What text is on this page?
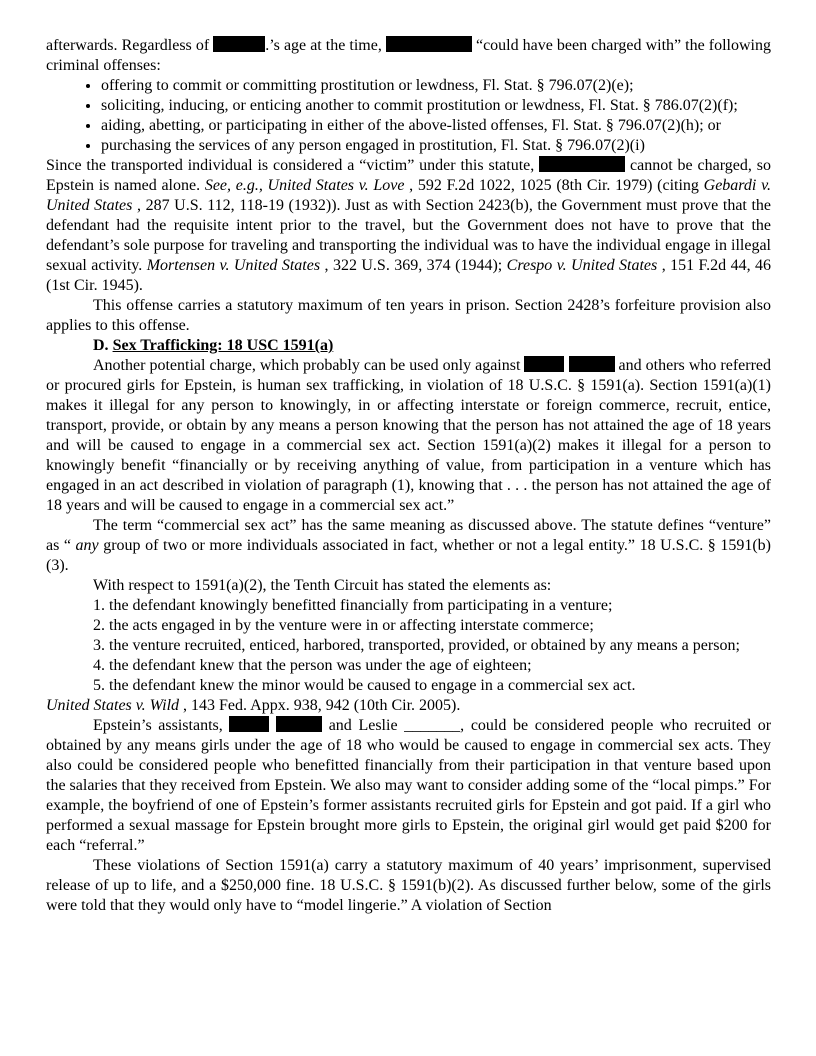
afterwards. Regardless of	.’s age at the time,	“could have been charged with” the following criminal offenses:

• offering to commit or committing prostitution or lewdness, Fl. Stat. § 796.07(2)(e);
• soliciting, inducing, or enticing another to commit prostitution or lewdness, Fl. Stat. § 786.07(2)(f);
• aiding, abetting, or participating in either of the above-listed offenses, Fl. Stat. § 796.07(2)(h); or
• purchasing the services of any person engaged in prostitution, Fl. Stat. § 796.07(2)(i)

Since the transported individual is considered a “victim” under this statute,	cannot be charged, so Epstein is named alone. See, e.g., United States v. Love , 592 F.2d 1022, 1025 (8th Cir. 1979) (citing Gebardi v. United States , 287 U.S. 112, 118-19 (1932)). Just as with Section 2423(b), the Government must prove that the defendant had the requisite intent prior to the travel, but the Government does not have to prove that the defendant’s sole purpose for traveling and transporting the individual was to have the individual engage in illegal sexual activity. Mortensen v. United States , 322 U.S. 369, 374 (1944); Crespo v. United States , 151 F.2d 44, 46 (1st Cir. 1945).

This offense carries a statutory maximum of ten years in prison. Section 2428’s forfeiture provision also applies to this offense.

D. Sex Trafficking: 18 USC 1591(a)

Another potential charge, which probably can be used only against	and others who referred or procured girls for Epstein, is human sex trafficking, in violation of 18 U.S.C. § 1591(a). Section 1591(a)(1) makes it illegal for any person to knowingly, in or affecting interstate or foreign commerce, recruit, entice, transport, provide, or obtain by any means a person knowing that the person has not attained the age of 18 years and will be caused to engage in a commercial sex act. Section 1591(a)(2) makes it illegal for a person to knowingly benefit “financially or by receiving anything of value, from participation in a venture which has engaged in an act described in violation of paragraph (1), knowing that . . . the person has not attained the age of 18 years and will be caused to engage in a commercial sex act.”

The term “commercial sex act” has the same meaning as discussed above. The statute defines “venture” as “ any group of two or more individuals associated in fact, whether or not a legal entity.” 18 U.S.C. § 1591(b)(3).

With respect to 1591(a)(2), the Tenth Circuit has stated the elements as:

1. the defendant knowingly benefitted financially from participating in a venture;

2. the acts engaged in by the venture were in or affecting interstate commerce;

3. the venture recruited, enticed, harbored, transported, provided, or obtained by any means a person;

4. the defendant knew that the person was under the age of eighteen;

5. the defendant knew the minor would be caused to engage in a commercial sex act.

United States v. Wild , 143 Fed. Appx. 938, 942 (10th Cir. 2005).

Epstein’s assistants,	and Leslie _______, could be considered people who recruited or obtained by any means girls under the age of 18 who would be caused to engage in commercial sex acts. They also could be considered people who benefitted financially from their participation in that venture based upon the salaries that they received from Epstein. We also may want to consider adding some of the “local pimps.” For example, the boyfriend of one of Epstein’s former assistants recruited girls for Epstein and got paid. If a girl who performed a sexual massage for Epstein brought more girls to Epstein, the original girl would get paid $200 for each “referral.”

These violations of Section 1591(a) carry a statutory maximum of 40 years’ imprisonment, supervised release of up to life, and a $250,000 fine. 18 U.S.C. § 1591(b)(2). As discussed further below, some of the girls were told that they would only have to “model lingerie.” A violation of Section
